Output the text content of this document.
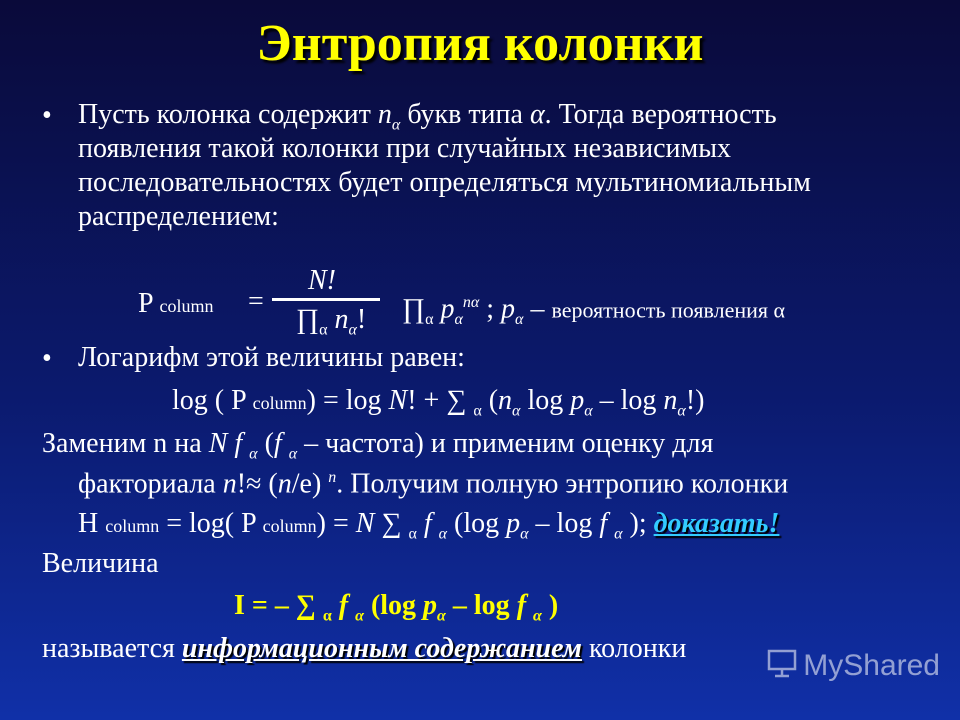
Энтропия колонки
• Пусть колонка содержит $n_\alpha$ букв типа α. Тогда вероятность
появления такой колонки при случайных независимых
последовательностях будет определяться мультиномиальным
распределением:
P column =
N!
$\prod_\alpha$ $n_\alpha$! $\prod_\alpha$ $p_\alpha^{n\alpha}$ ; $p_\alpha$ – вероятность появления α
• Логарифм этой величины равен:
log ( P column) = log N! + ∑ $_\alpha$ ($n_\alpha$ $\log p_\alpha$ – $\log n_\alpha$!)
Заменим n на N f $_\alpha$ (f $_\alpha$ – частота) и применим оценку для
факториала n!≈ (n/e) $^n$. Получим полную энтропию колонки
H column = log( P column) = N ∑ $_\alpha$ f $_\alpha$ (log $p_\alpha$ – log f $_\alpha$ ); доказать!
Величина
I = – ∑ $_\alpha$ f $_\alpha$ (log $p_\alpha$ – log f $_\alpha$ )
называется информационным содержанием колонки
MyShared
